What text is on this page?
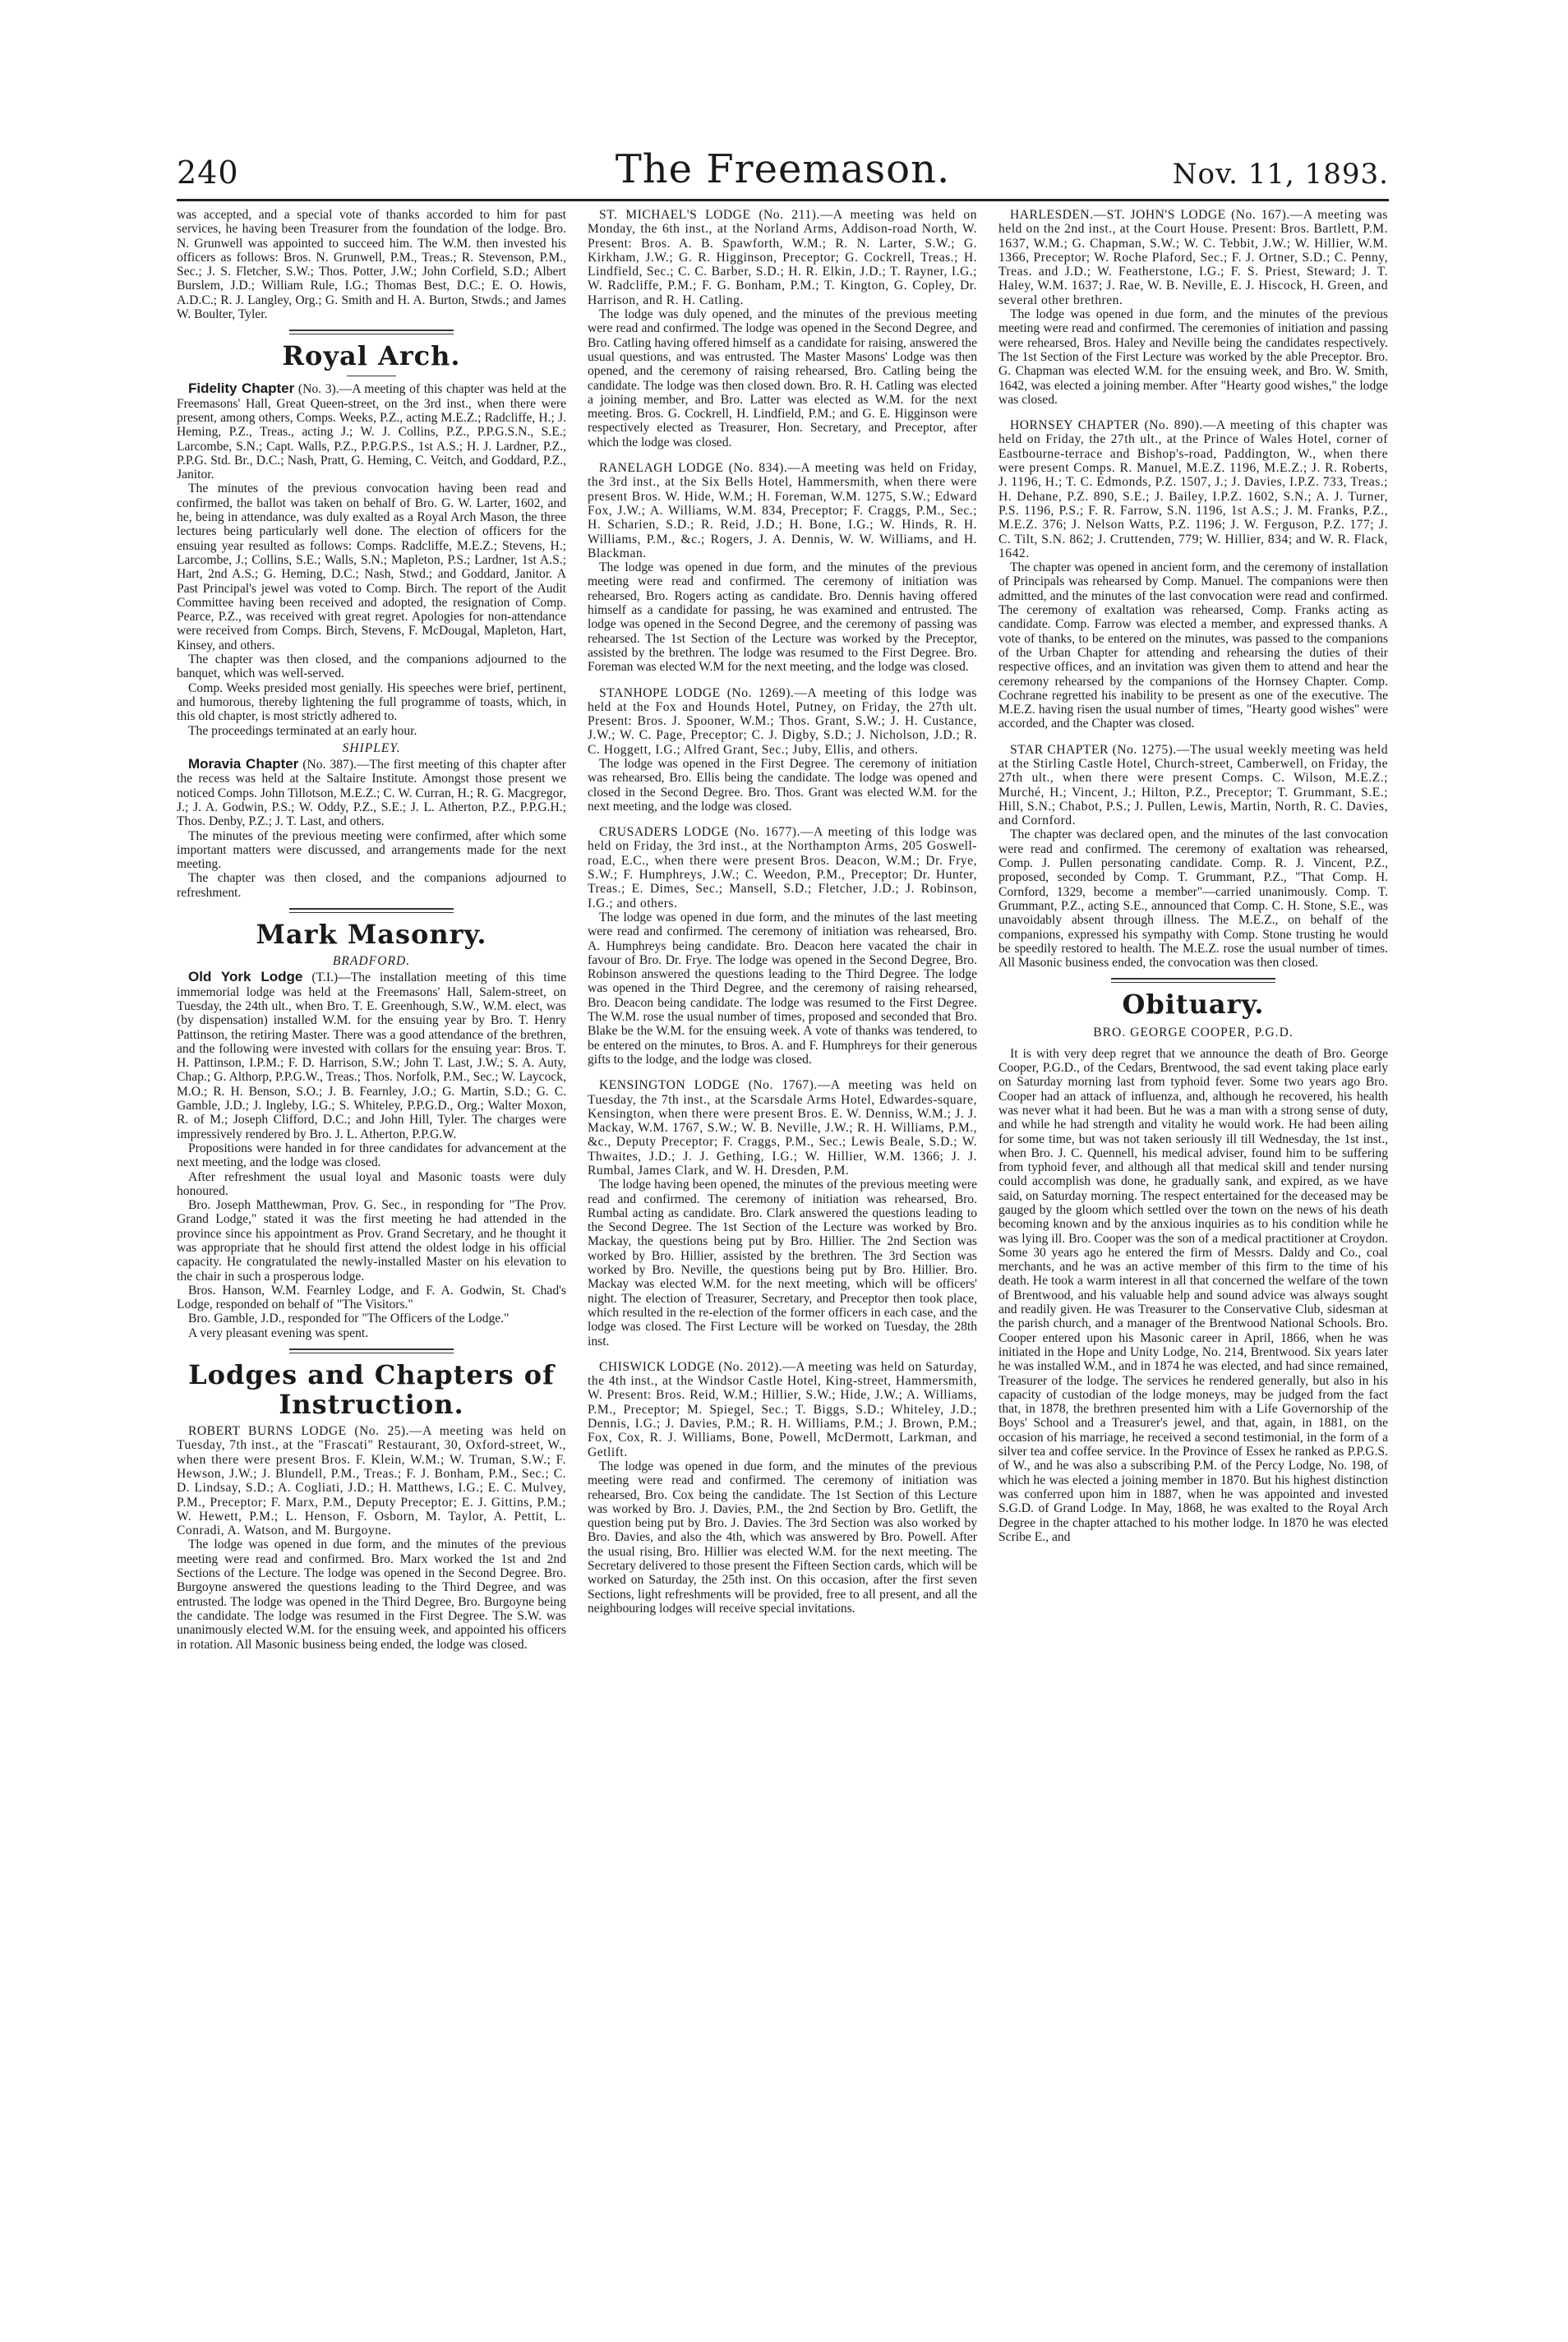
240	The Freemason.	Nov. 11, 1893.

was accepted, and a special vote of thanks accorded to him for past services, he having been Treasurer from the foundation of the lodge. Bro. N. Grunwell was appointed to succeed him. The W.M. then invested his officers as follows: Bros. N. Grunwell, P.M., Treas.; R. Stevenson, P.M., Sec.; J. S. Fletcher, S.W.; Thos. Potter, J.W.; John Corfield, S.D.; Albert Burslem, J.D.; William Rule, I.G.; Thomas Best, D.C.; E. O. Howis, A.D.C.; R. J. Langley, Org.; G. Smith and H. A. Burton, Stwds.; and James W. Boulter, Tyler.

Royal Arch.

Fidelity Chapter (No. 3).—A meeting of this chapter was held at the Freemasons' Hall, Great Queen-street, on the 3rd inst., when there were present, among others, Comps. Weeks, P.Z., acting M.E.Z.; Radcliffe, H.; J. Heming, P.Z., Treas., acting J.; W. J. Collins, P.Z., P.P.G.S.N., S.E.; Larcombe, S.N.; Capt. Walls, P.Z., P.P.G.P.S., 1st A.S.; H. J. Lardner, P.Z., P.P.G. Std. Br., D.C.; Nash, Pratt, G. Heming, C. Veitch, and Goddard, P.Z., Janitor.

The minutes of the previous convocation having been read and confirmed, the ballot was taken on behalf of Bro. G. W. Larter, 1602, and he, being in attendance, was duly exalted as a Royal Arch Mason, the three lectures being particularly well done. The election of officers for the ensuing year resulted as follows: Comps. Radcliffe, M.E.Z.; Stevens, H.; Larcombe, J.; Collins, S.E.; Walls, S.N.; Mapleton, P.S.; Lardner, 1st A.S.; Hart, 2nd A.S.; G. Heming, D.C.; Nash, Stwd.; and Goddard, Janitor. A Past Principal's jewel was voted to Comp. Birch. The report of the Audit Committee having been received and adopted, the resignation of Comp. Pearce, P.Z., was received with great regret. Apologies for non-attendance were received from Comps. Birch, Stevens, F. McDougal, Mapleton, Hart, Kinsey, and others.

The chapter was then closed, and the companions adjourned to the banquet, which was well-served.

Comp. Weeks presided most genially. His speeches were brief, pertinent, and humorous, thereby lightening the full programme of toasts, which, in this old chapter, is most strictly adhered to.

The proceedings terminated at an early hour.

SHIPLEY.

Moravia Chapter (No. 387).—The first meeting of this chapter after the recess was held at the Saltaire Institute. Amongst those present we noticed Comps. John Tillotson, M.E.Z.; C. W. Curran, H.; R. G. Macgregor, J.; J. A. Godwin, P.S.; W. Oddy, P.Z., S.E.; J. L. Atherton, P.Z., P.P.G.H.; Thos. Denby, P.Z.; J. T. Last, and others.

The minutes of the previous meeting were confirmed, after which some important matters were discussed, and arrangements made for the next meeting.

The chapter was then closed, and the companions adjourned to refreshment.

Mark Masonry.
BRADFORD.

Old York Lodge (T.I.)—The installation meeting of this time immemorial lodge was held at the Freemasons' Hall, Salem-street, on Tuesday, the 24th ult., when Bro. T. E. Greenhough, S.W., W.M. elect, was (by dispensation) installed W.M. for the ensuing year by Bro. T. Henry Pattinson, the retiring Master. There was a good attendance of the brethren, and the following were invested with collars for the ensuing year: Bros. T. H. Pattinson, I.P.M.; F. D. Harrison, S.W.; John T. Last, J.W.; S. A. Auty, Chap.; G. Althorp, P.P.G.W., Treas.; Thos. Norfolk, P.M., Sec.; W. Laycock, M.O.; R. H. Benson, S.O.; J. B. Fearnley, J.O.; G. Martin, S.D.; G. C. Gamble, J.D.; J. Ingleby, I.G.; S. Whiteley, P.P.G.D., Org.; Walter Moxon, R. of M.; Joseph Clifford, D.C.; and John Hill, Tyler. The charges were impressively rendered by Bro. J. L. Atherton, P.P.G.W.

Propositions were handed in for three candidates for advancement at the next meeting, and the lodge was closed.

After refreshment the usual loyal and Masonic toasts were duly honoured.

Bro. Joseph Matthewman, Prov. G. Sec., in responding for "The Prov. Grand Lodge," stated it was the first meeting he had attended in the province since his appointment as Prov. Grand Secretary, and he thought it was appropriate that he should first attend the oldest lodge in his official capacity. He congratulated the newly-installed Master on his elevation to the chair in such a prosperous lodge.

Bros. Hanson, W.M. Fearnley Lodge, and F. A. Godwin, St. Chad's Lodge, responded on behalf of "The Visitors."

Bro. Gamble, J.D., responded for "The Officers of the Lodge."

A very pleasant evening was spent.

Lodges and Chapters of
Instruction.

ROBERT BURNS LODGE (No. 25).—A meeting was held on Tuesday, 7th inst., at the "Frascati" Restaurant, 30, Oxford-street, W., when there were present Bros. F. Klein, W.M.; W. Truman, S.W.; F. Hewson, J.W.; J. Blundell, P.M., Treas.; F. J. Bonham, P.M., Sec.; C. D. Lindsay, S.D.; A. Cogliati, J.D.; H. Matthews, I.G.; E. C. Mulvey, P.M., Preceptor; F. Marx, P.M., Deputy Preceptor; E. J. Gittins, P.M.; W. Hewett, P.M.; L. Henson, F. Osborn, M. Taylor, A. Pettit, L. Conradi, A. Watson, and M. Burgoyne.

The lodge was opened in due form, and the minutes of the previous meeting were read and confirmed. Bro. Marx worked the 1st and 2nd Sections of the Lecture. The lodge was opened in the Second Degree. Bro. Burgoyne answered the questions leading to the Third Degree, and was entrusted. The lodge was opened in the Third Degree, Bro. Burgoyne being the candidate. The lodge was resumed in the First Degree. The S.W. was unanimously elected W.M. for the ensuing week, and appointed his officers in rotation. All Masonic business being ended, the lodge was closed.

ST. MICHAEL'S LODGE (No. 211).—A meeting was held on Monday, the 6th inst., at the Norland Arms, Addison-road North, W. Present: Bros. A. B. Spawforth, W.M.; R. N. Larter, S.W.; G. Kirkham, J.W.; G. R. Higginson, Preceptor; G. Cockrell, Treas.; H. Lindfield, Sec.; C. C. Barber, S.D.; H. R. Elkin, J.D.; T. Rayner, I.G.; W. Radcliffe, P.M.; F. G. Bonham, P.M.; T. Kington, G. Copley, Dr. Harrison, and R. H. Catling.

The lodge was duly opened, and the minutes of the previous meeting were read and confirmed. The lodge was opened in the Second Degree, and Bro. Catling having offered himself as a candidate for raising, answered the usual questions, and was entrusted. The Master Masons' Lodge was then opened, and the ceremony of raising rehearsed, Bro. Catling being the candidate. The lodge was then closed down. Bro. R. H. Catling was elected a joining member, and Bro. Latter was elected as W.M. for the next meeting. Bros. G. Cockrell, H. Lindfield, P.M.; and G. E. Higginson were respectively elected as Treasurer, Hon. Secretary, and Preceptor, after which the lodge was closed.

RANELAGH LODGE (No. 834).—A meeting was held on Friday, the 3rd inst., at the Six Bells Hotel, Hammersmith, when there were present Bros. W. Hide, W.M.; H. Foreman, W.M. 1275, S.W.; Edward Fox, J.W.; A. Williams, W.M. 834, Preceptor; F. Craggs, P.M., Sec.; H. Scharien, S.D.; R. Reid, J.D.; H. Bone, I.G.; W. Hinds, R. H. Williams, P.M., &c.; Rogers, J. A. Dennis, W. W. Williams, and H. Blackman.

The lodge was opened in due form, and the minutes of the previous meeting were read and confirmed. The ceremony of initiation was rehearsed, Bro. Rogers acting as candidate. Bro. Dennis having offered himself as a candidate for passing, he was examined and entrusted. The lodge was opened in the Second Degree, and the ceremony of passing was rehearsed. The 1st Section of the Lecture was worked by the Preceptor, assisted by the brethren. The lodge was resumed to the First Degree. Bro. Foreman was elected W.M for the next meeting, and the lodge was closed.

STANHOPE LODGE (No. 1269).—A meeting of this lodge was held at the Fox and Hounds Hotel, Putney, on Friday, the 27th ult. Present: Bros. J. Spooner, W.M.; Thos. Grant, S.W.; J. H. Custance, J.W.; W. C. Page, Preceptor; C. J. Digby, S.D.; J. Nicholson, J.D.; R. C. Hoggett, I.G.; Alfred Grant, Sec.; Juby, Ellis, and others.

The lodge was opened in the First Degree. The ceremony of initiation was rehearsed, Bro. Ellis being the candidate. The lodge was opened and closed in the Second Degree. Bro. Thos. Grant was elected W.M. for the next meeting, and the lodge was closed.

CRUSADERS LODGE (No. 1677).—A meeting of this lodge was held on Friday, the 3rd inst., at the Northampton Arms, 205 Goswell-road, E.C., when there were present Bros. Deacon, W.M.; Dr. Frye, S.W.; F. Humphreys, J.W.; C. Weedon, P.M., Preceptor; Dr. Hunter, Treas.; E. Dimes, Sec.; Mansell, S.D.; Fletcher, J.D.; J. Robinson, I.G.; and others.

The lodge was opened in due form, and the minutes of the last meeting were read and confirmed. The ceremony of initiation was rehearsed, Bro. A. Humphreys being candidate. Bro. Deacon here vacated the chair in favour of Bro. Dr. Frye. The lodge was opened in the Second Degree, Bro. Robinson answered the questions leading to the Third Degree. The lodge was opened in the Third Degree, and the ceremony of raising rehearsed, Bro. Deacon being candidate. The lodge was resumed to the First Degree. The W.M. rose the usual number of times, proposed and seconded that Bro. Blake be the W.M. for the ensuing week. A vote of thanks was tendered, to be entered on the minutes, to Bros. A. and F. Humphreys for their generous gifts to the lodge, and the lodge was closed.

KENSINGTON LODGE (No. 1767).—A meeting was held on Tuesday, the 7th inst., at the Scarsdale Arms Hotel, Edwardes-square, Kensington, when there were present Bros. E. W. Denniss, W.M.; J. J. Mackay, W.M. 1767, S.W.; W. B. Neville, J.W.; R. H. Williams, P.M., &c., Deputy Preceptor; F. Craggs, P.M., Sec.; Lewis Beale, S.D.; W. Thwaites, J.D.; J. J. Gething, I.G.; W. Hillier, W.M. 1366; J. J. Rumbal, James Clark, and W. H. Dresden, P.M.

The lodge having been opened, the minutes of the previous meeting were read and confirmed. The ceremony of initiation was rehearsed, Bro. Rumbal acting as candidate. Bro. Clark answered the questions leading to the Second Degree. The 1st Section of the Lecture was worked by Bro. Mackay, the questions being put by Bro. Hillier. The 2nd Section was worked by Bro. Hillier, assisted by the brethren. The 3rd Section was worked by Bro. Neville, the questions being put by Bro. Hillier. Bro. Mackay was elected W.M. for the next meeting, which will be officers' night. The election of Treasurer, Secretary, and Preceptor then took place, which resulted in the re-election of the former officers in each case, and the lodge was closed. The First Lecture will be worked on Tuesday, the 28th inst.

CHISWICK LODGE (No. 2012).—A meeting was held on Saturday, the 4th inst., at the Windsor Castle Hotel, King-street, Hammersmith, W. Present: Bros. Reid, W.M.; Hillier, S.W.; Hide, J.W.; A. Williams, P.M., Preceptor; M. Spiegel, Sec.; T. Biggs, S.D.; Whiteley, J.D.; Dennis, I.G.; J. Davies, P.M.; R. H. Williams, P.M.; J. Brown, P.M.; Fox, Cox, R. J. Williams, Bone, Powell, McDermott, Larkman, and Getlift.

The lodge was opened in due form, and the minutes of the previous meeting were read and confirmed. The ceremony of initiation was rehearsed, Bro. Cox being the candidate. The 1st Section of this Lecture was worked by Bro. J. Davies, P.M., the 2nd Section by Bro. Getlift, the question being put by Bro. J. Davies. The 3rd Section was also worked by Bro. Davies, and also the 4th, which was answered by Bro. Powell. After the usual rising, Bro. Hillier was elected W.M. for the next meeting. The Secretary delivered to those present the Fifteen Section cards, which will be worked on Saturday, the 25th inst. On this occasion, after the first seven Sections, light refreshments will be provided, free to all present, and all the neighbouring lodges will receive special invitations.

HARLESDEN.—ST. JOHN'S LODGE (No. 167).—A meeting was held on the 2nd inst., at the Court House. Present: Bros. Bartlett, P.M. 1637, W.M.; G. Chapman, S.W.; W. C. Tebbit, J.W.; W. Hillier, W.M. 1366, Preceptor; W. Roche Plaford, Sec.; F. J. Ortner, S.D.; C. Penny, Treas. and J.D.; W. Featherstone, I.G.; F. S. Priest, Steward; J. T. Haley, W.M. 1637; J. Rae, W. B. Neville, E. J. Hiscock, H. Green, and several other brethren.

The lodge was opened in due form, and the minutes of the previous meeting were read and confirmed. The ceremonies of initiation and passing were rehearsed, Bros. Haley and Neville being the candidates respectively. The 1st Section of the First Lecture was worked by the able Preceptor. Bro. G. Chapman was elected W.M. for the ensuing week, and Bro. W. Smith, 1642, was elected a joining member. After "Hearty good wishes," the lodge was closed.

HORNSEY CHAPTER (No. 890).—A meeting of this chapter was held on Friday, the 27th ult., at the Prince of Wales Hotel, corner of Eastbourne-terrace and Bishop's-road, Paddington, W., when there were present Comps. R. Manuel, M.E.Z. 1196, M.E.Z.; J. R. Roberts, J. 1196, H.; T. C. Edmonds, P.Z. 1507, J.; J. Davies, I.P.Z. 733, Treas.; H. Dehane, P.Z. 890, S.E.; J. Bailey, I.P.Z. 1602, S.N.; A. J. Turner, P.S. 1196, P.S.; F. R. Farrow, S.N. 1196, 1st A.S.; J. M. Franks, P.Z., M.E.Z. 376; J. Nelson Watts, P.Z. 1196; J. W. Ferguson, P.Z. 177; J. C. Tilt, S.N. 862; J. Cruttenden, 779; W. Hillier, 834; and W. R. Flack, 1642.

The chapter was opened in ancient form, and the ceremony of installation of Principals was rehearsed by Comp. Manuel. The companions were then admitted, and the minutes of the last convocation were read and confirmed. The ceremony of exaltation was rehearsed, Comp. Franks acting as candidate. Comp. Farrow was elected a member, and expressed thanks. A vote of thanks, to be entered on the minutes, was passed to the companions of the Urban Chapter for attending and rehearsing the duties of their respective offices, and an invitation was given them to attend and hear the ceremony rehearsed by the companions of the Hornsey Chapter. Comp. Cochrane regretted his inability to be present as one of the executive. The M.E.Z. having risen the usual number of times, "Hearty good wishes" were accorded, and the Chapter was closed.

STAR CHAPTER (No. 1275).—The usual weekly meeting was held at the Stirling Castle Hotel, Church-street, Camberwell, on Friday, the 27th ult., when there were present Comps. C. Wilson, M.E.Z.; Murché, H.; Vincent, J.; Hilton, P.Z., Preceptor; T. Grummant, S.E.; Hill, S.N.; Chabot, P.S.; J. Pullen, Lewis, Martin, North, R. C. Davies, and Cornford.

The chapter was declared open, and the minutes of the last convocation were read and confirmed. The ceremony of exaltation was rehearsed, Comp. J. Pullen personating candidate. Comp. R. J. Vincent, P.Z., proposed, seconded by Comp. T. Grummant, P.Z., "That Comp. H. Cornford, 1329, become a member"—carried unanimously. Comp. T. Grummant, P.Z., acting S.E., announced that Comp. C. H. Stone, S.E., was unavoidably absent through illness. The M.E.Z., on behalf of the companions, expressed his sympathy with Comp. Stone trusting he would be speedily restored to health. The M.E.Z. rose the usual number of times. All Masonic business ended, the convocation was then closed.

Obituary.
BRO. GEORGE COOPER, P.G.D.

It is with very deep regret that we announce the death of Bro. George Cooper, P.G.D., of the Cedars, Brentwood, the sad event taking place early on Saturday morning last from typhoid fever. Some two years ago Bro. Cooper had an attack of influenza, and, although he recovered, his health was never what it had been. But he was a man with a strong sense of duty, and while he had strength and vitality he would work. He had been ailing for some time, but was not taken seriously ill till Wednesday, the 1st inst., when Bro. J. C. Quennell, his medical adviser, found him to be suffering from typhoid fever, and although all that medical skill and tender nursing could accomplish was done, he gradually sank, and expired, as we have said, on Saturday morning. The respect entertained for the deceased may be gauged by the gloom which settled over the town on the news of his death becoming known and by the anxious inquiries as to his condition while he was lying ill. Bro. Cooper was the son of a medical practitioner at Croydon. Some 30 years ago he entered the firm of Messrs. Daldy and Co., coal merchants, and he was an active member of this firm to the time of his death. He took a warm interest in all that concerned the welfare of the town of Brentwood, and his valuable help and sound advice was always sought and readily given. He was Treasurer to the Conservative Club, sidesman at the parish church, and a manager of the Brentwood National Schools. Bro. Cooper entered upon his Masonic career in April, 1866, when he was initiated in the Hope and Unity Lodge, No. 214, Brentwood. Six years later he was installed W.M., and in 1874 he was elected, and had since remained, Treasurer of the lodge. The services he rendered generally, but also in his capacity of custodian of the lodge moneys, may be judged from the fact that, in 1878, the brethren presented him with a Life Governorship of the Boys' School and a Treasurer's jewel, and that, again, in 1881, on the occasion of his marriage, he received a second testimonial, in the form of a silver tea and coffee service. In the Province of Essex he ranked as P.P.G.S. of W., and he was also a subscribing P.M. of the Percy Lodge, No. 198, of which he was elected a joining member in 1870. But his highest distinction was conferred upon him in 1887, when he was appointed and invested S.G.D. of Grand Lodge. In May, 1868, he was exalted to the Royal Arch Degree in the chapter attached to his mother lodge. In 1870 he was elected Scribe E., and
